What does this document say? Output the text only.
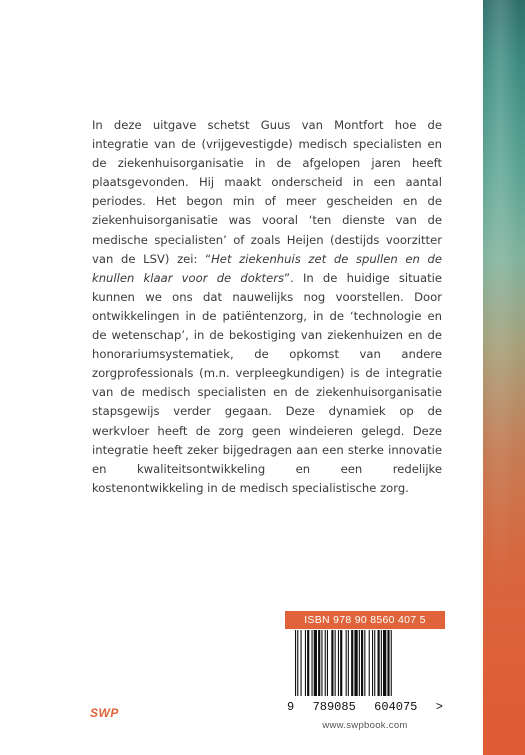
In deze uitgave schetst Guus van Montfort hoe de integratie van de (vrijgevestigde) medisch specialisten en de ziekenhuisorganisatie in de afgelopen jaren heeft plaatsgevonden. Hij maakt onderscheid in een aantal periodes. Het begon min of meer gescheiden en de ziekenhuisorganisatie was vooral ‘ten dienste van de medische specialisten’ of zoals Heijen (destijds voorzitter van de LSV) zei: “Het ziekenhuis zet de spullen en de knullen klaar voor de dokters”. In de huidige situatie kunnen we ons dat nauwelijks nog voorstellen. Door ontwikkelingen in de patiëntenzorg, in de ‘technologie en de wetenschap’, in de bekostiging van ziekenhuizen en de honorariumsystematiek, de opkomst van andere zorgprofessionals (m.n. verpleegkundigen) is de integratie van de medisch specialisten en de ziekenhuisorganisatie stapsgewijs verder gegaan. Deze dynamiek op de werkvloer heeft de zorg geen windeieren gelegd. Deze integratie heeft zeker bijgedragen aan een sterke innovatie en kwaliteitsontwikkeling en een redelijke kostenontwikkeling in de medisch specialistische zorg.

ISBN 978 90 8560 407 5
9 789085 604075 >
SWP
www.swpbook.com
